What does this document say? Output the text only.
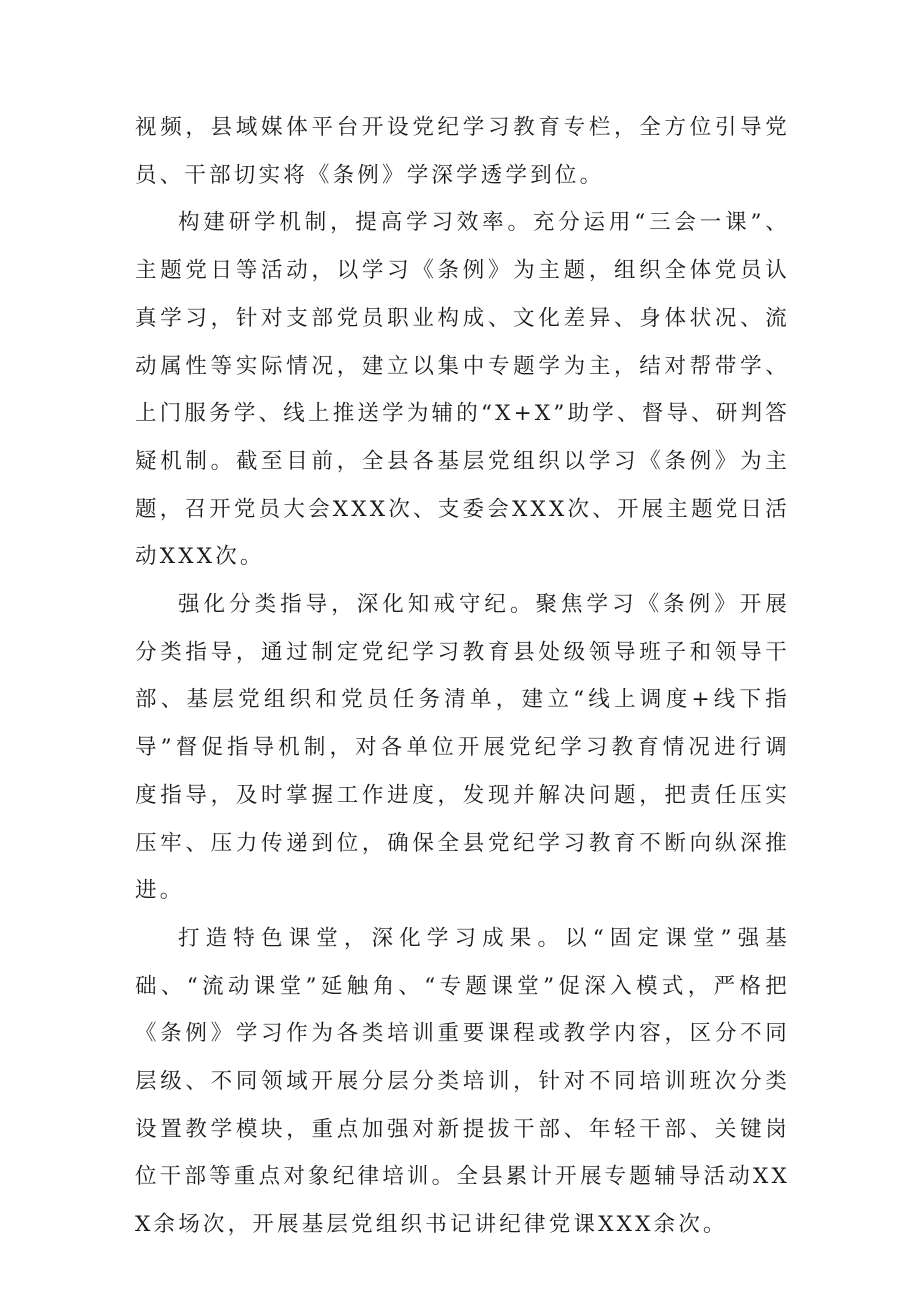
视频，县域媒体平台开设党纪学习教育专栏，全方位引导党员、干部切实将《条例》学深学透学到位。

构建研学机制，提高学习效率。充分运用“三会一课”、主题党日等活动，以学习《条例》为主题，组织全体党员认真学习，针对支部党员职业构成、文化差异、身体状况、流动属性等实际情况，建立以集中专题学为主，结对帮带学、上门服务学、线上推送学为辅的“X+X”助学、督导、研判答疑机制。截至目前，全县各基层党组织以学习《条例》为主题，召开党员大会XXX次、支委会XXX次、开展主题党日活动XXX次。

强化分类指导，深化知戒守纪。聚焦学习《条例》开展分类指导，通过制定党纪学习教育县处级领导班子和领导干部、基层党组织和党员任务清单，建立“线上调度+线下指导”督促指导机制，对各单位开展党纪学习教育情况进行调度指导，及时掌握工作进度，发现并解决问题，把责任压实压牢、压力传递到位，确保全县党纪学习教育不断向纵深推进。

打造特色课堂，深化学习成果。以“固定课堂”强基础、“流动课堂”延触角、“专题课堂”促深入模式，严格把《条例》学习作为各类培训重要课程或教学内容，区分不同层级、不同领域开展分层分类培训，针对不同培训班次分类设置教学模块，重点加强对新提拔干部、年轻干部、关键岗位干部等重点对象纪律培训。全县累计开展专题辅导活动XXX余场次，开展基层党组织书记讲纪律党课XXX余次。
